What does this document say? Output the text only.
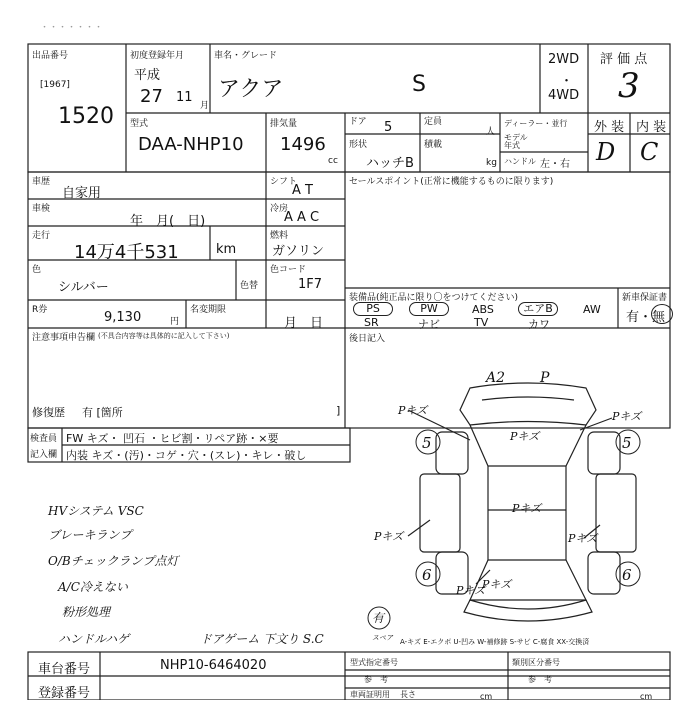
・・・・・・・
出品番号
[1967]
1520
初度登録年月
平成
27 11
月
車名・グレード
アクア	S
2WD
・
4WD
評 価 点
3
外 装 内 装
D C
型式
DAA-NHP10
排気量
1496
cc
ドア 5	定員
人
形状
ハッチB
積載
kg
ディーラー・並行
モデル 年式
ハンドル 左・右
車歴
自家用
車検
年　月(　日)
走行
14万4千531	km
色
シルバー	色替
R券	9,130	円
名変期限
月　日
シフト
A T
冷房
A A C
燃料
ガソリン
色コード
1F7
セールスポイント(正常に機能するものに限ります)
装備品(純正品に限り〇をつけてください)
PS	PW	ABS	エアB	AW
SR	ナビ	TV	カワ
新車保証書
有・無
注意事項申告欄 (不具合内容等は具体的に記入して下さい)
修復歴 有 [箇所	]
後日記入
検査員
記入欄
FW キズ・ 凹石 ・ヒビ割・リペア跡・×要
内装 キズ・(汚)・コゲ・穴・(スレ)・キレ・破し
HVシステム VSC
ブレーキランプ
O/Bチェックランプ点灯
A/C冷えない
粉形処理
ハンドルハゲ	ドアゲーム 下文り S.C
A2 P
Pキズ
Pキズ
Pキズ
Pキズ
Pキズ	Pキズ
Pキズ
Pキズ
5	5
6	6
有
スペア A-キズ E-エクボ U-凹み W-補修跡 S-サビ C-腐食 XX-交換済
車台番号	NHP10-6464020
登録番号
型式指定番号
参　考
類別区分番号
参　考
車両証明用 長さ	cm	cm
